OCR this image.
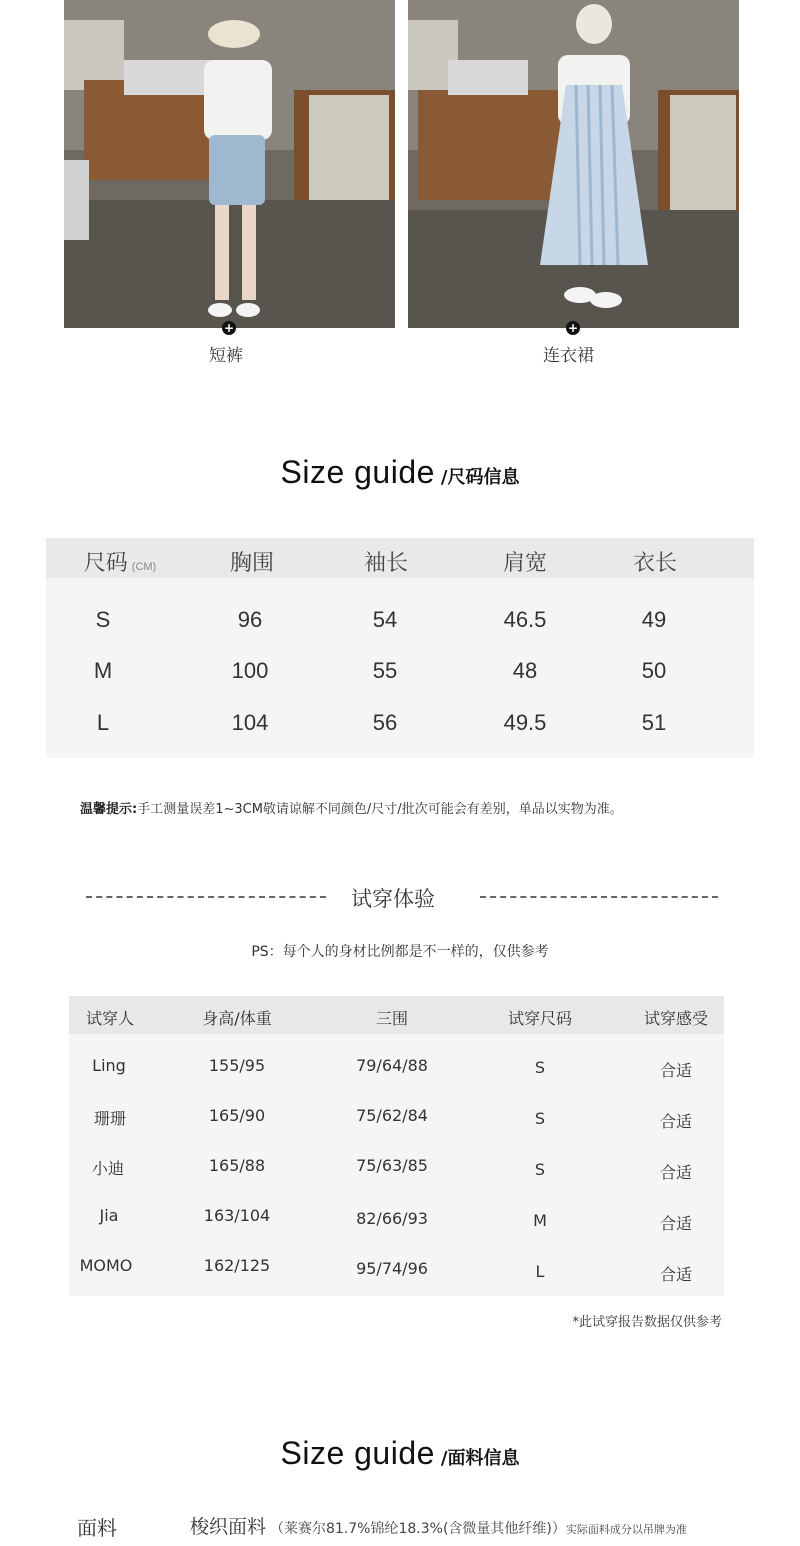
+	+
短裤	连衣裙
Size guide /尺码信息
尺码 (CM)	胸围	袖长	肩宽	衣长
S	96	54	46.5	49
M	100	55	48	50
L	104	56	49.5	51
温馨提示:手工测量误差1~3CM敬请谅解不同颜色/尺寸/批次可能会有差别，单品以实物为准。
试穿体验
PS：每个人的身材比例都是不一样的，仅供参考
试穿人	身高/体重	三围	试穿尺码	试穿感受
Ling	155/95	79/64/88	S	合适
珊珊	165/90	75/62/84	S	合适
小迪	165/88	75/63/85	S	合适
Jia	163/104	82/66/93	M	合适
MOMO	162/125	95/74/96	L	合适
*此试穿报告数据仅供参考
Size guide /面料信息
面料	梭织面料 （莱赛尔81.7%锦纶18.3%(含微量其他纤维)）实际面料成分以吊牌为准
